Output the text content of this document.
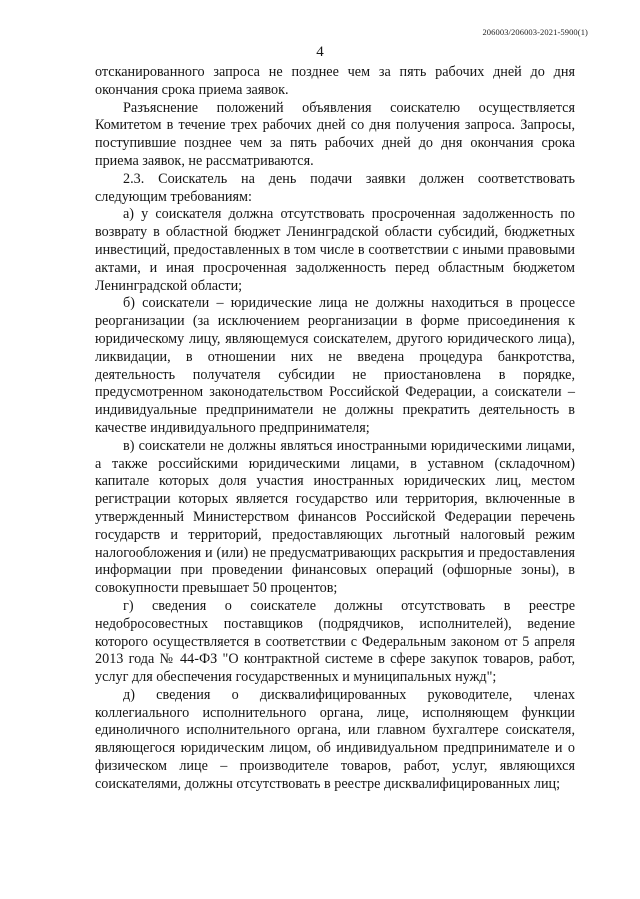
206003/206003-2021-5900(1)
4

отсканированного запроса не позднее чем за пять рабочих дней до дня окончания срока приема заявок.

Разъяснение положений объявления соискателю осуществляется Комитетом в течение трех рабочих дней со дня получения запроса. Запросы, поступившие позднее чем за пять рабочих дней до дня окончания срока приема заявок, не рассматриваются.

2.3. Соискатель на день подачи заявки должен соответствовать следующим требованиям:

а) у соискателя должна отсутствовать просроченная задолженность по возврату в областной бюджет Ленинградской области субсидий, бюджетных инвестиций, предоставленных в том числе в соответствии с иными правовыми актами, и иная просроченная задолженность перед областным бюджетом Ленинградской области;

б) соискатели – юридические лица не должны находиться в процессе реорганизации (за исключением реорганизации в форме присоединения к юридическому лицу, являющемуся соискателем, другого юридического лица), ликвидации, в отношении них не введена процедура банкротства, деятельность получателя субсидии не приостановлена в порядке, предусмотренном законодательством Российской Федерации, а соискатели – индивидуальные предприниматели не должны прекратить деятельность в качестве индивидуального предпринимателя;

в) соискатели не должны являться иностранными юридическими лицами, а также российскими юридическими лицами, в уставном (складочном) капитале которых доля участия иностранных юридических лиц, местом регистрации которых является государство или территория, включенные в утвержденный Министерством финансов Российской Федерации перечень государств и территорий, предоставляющих льготный налоговый режим налогообложения и (или) не предусматривающих раскрытия и предоставления информации при проведении финансовых операций (офшорные зоны), в совокупности превышает 50 процентов;

г) сведения о соискателе должны отсутствовать в реестре недобросовестных поставщиков (подрядчиков, исполнителей), ведение которого осуществляется в соответствии с Федеральным законом от 5 апреля 2013 года № 44-ФЗ "О контрактной системе в сфере закупок товаров, работ, услуг для обеспечения государственных и муниципальных нужд";

д) сведения о дисквалифицированных руководителе, членах коллегиального исполнительного органа, лице, исполняющем функции единоличного исполнительного органа, или главном бухгалтере соискателя, являющегося юридическим лицом, об индивидуальном предпринимателе и о физическом лице – производителе товаров, работ, услуг, являющихся соискателями, должны отсутствовать в реестре дисквалифицированных лиц;
